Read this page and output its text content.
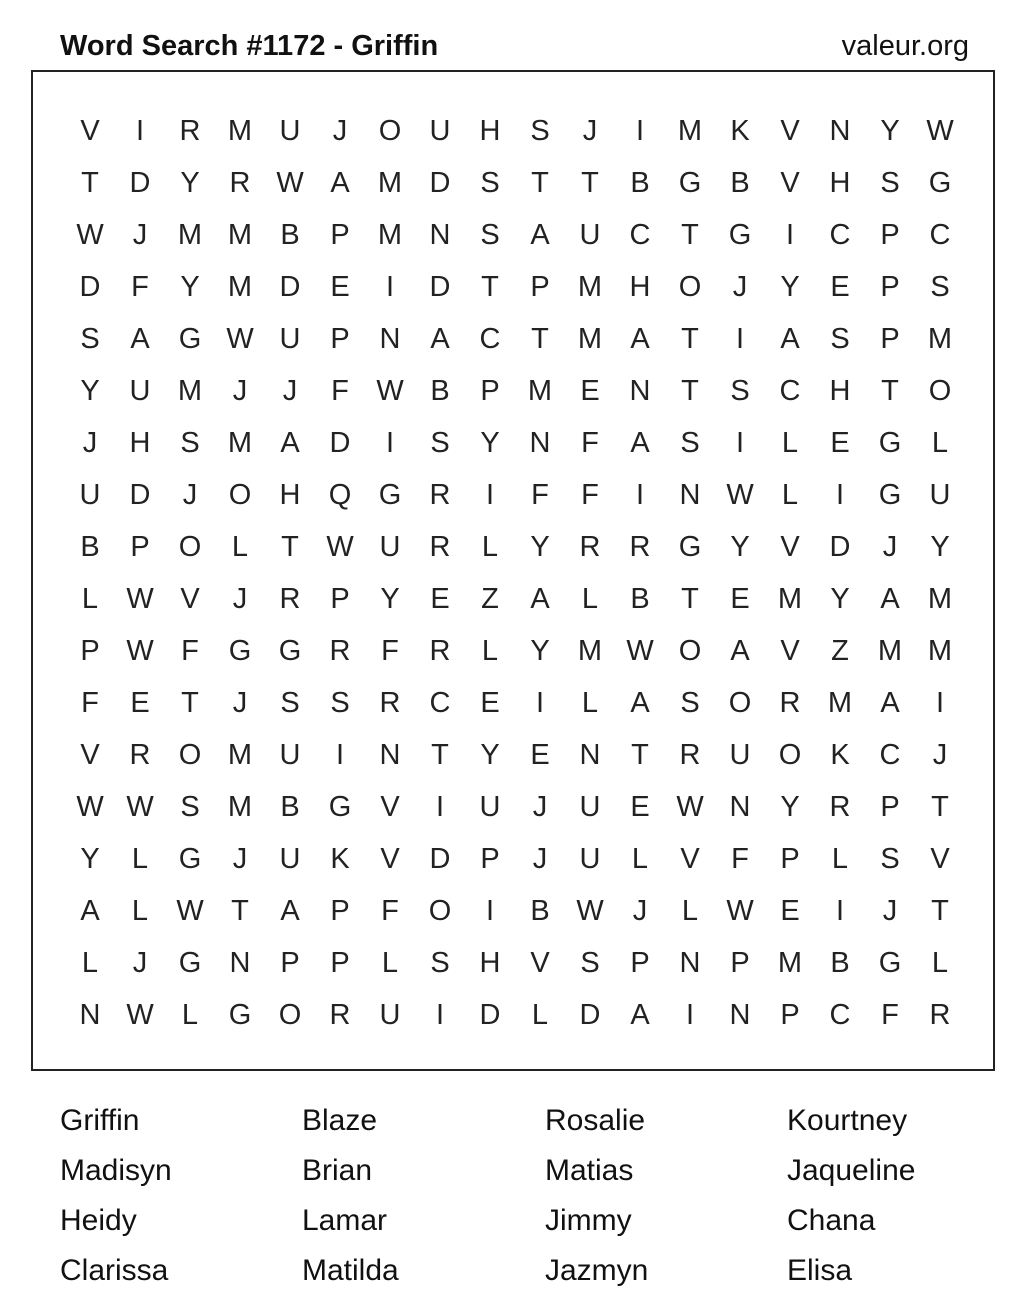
Word Search #1172 - Griffin	valeur.org
V	I	R M U	J	O U	H	S	J	I	M K	V	N	Y W
T	D	Y	R W A M D	S	T	T	B	G	B	V	H	S	G
W	J	M M B	P M N	S	A	U	C	T	G	I	C	P	C
D	F	Y M D	E	I	D	T	P M H O	J	Y	E	P	S
S	A	G W U	P	N	A	C	T	M A	T	I	A	S	P M
Y	U M	J	J	F W B	P M E	N	T	S	C	H	T	O
J	H	S M A	D	I	S	Y	N	F	A	S	I	L	E	G	L
U	D	J	O H Q G R	I	F	F	I	N W L	I	G U
B	P	O	L	T W U	R	L	Y	R	R G	Y	V	D	J	Y
L W V	J	R	P	Y	E	Z	A	L	B	T	E M Y	A M
P W F	G G R	F	R	L	Y M W O	A	V	Z	M M
F	E	T	J	S	S	R	C	E	I	L	A	S	O R M A	I
V	R O M U	I	N	T	Y	E	N	T	R	U O	K	C	J
W W S M B	G	V	I	U	J	U	E W N	Y	R	P	T
Y	L	G	J	U	K	V	D	P	J	U	L	V	F	P	L	S	V
A	L W T	A	P	F	O	I	B W	J	L W E	I	J	T
L	J	G N	P	P	L	S	H	V	S	P	N	P M B	G	L
N W L	G O R	U	I	D	L	D	A	I	N	P	C	F	R
Griffin	Blaze	Rosalie	Kourtney
Madisyn	Brian	Matias	Jaqueline
Heidy	Lamar	Jimmy	Chana
Clarissa	Matilda	Jazmyn	Elisa
